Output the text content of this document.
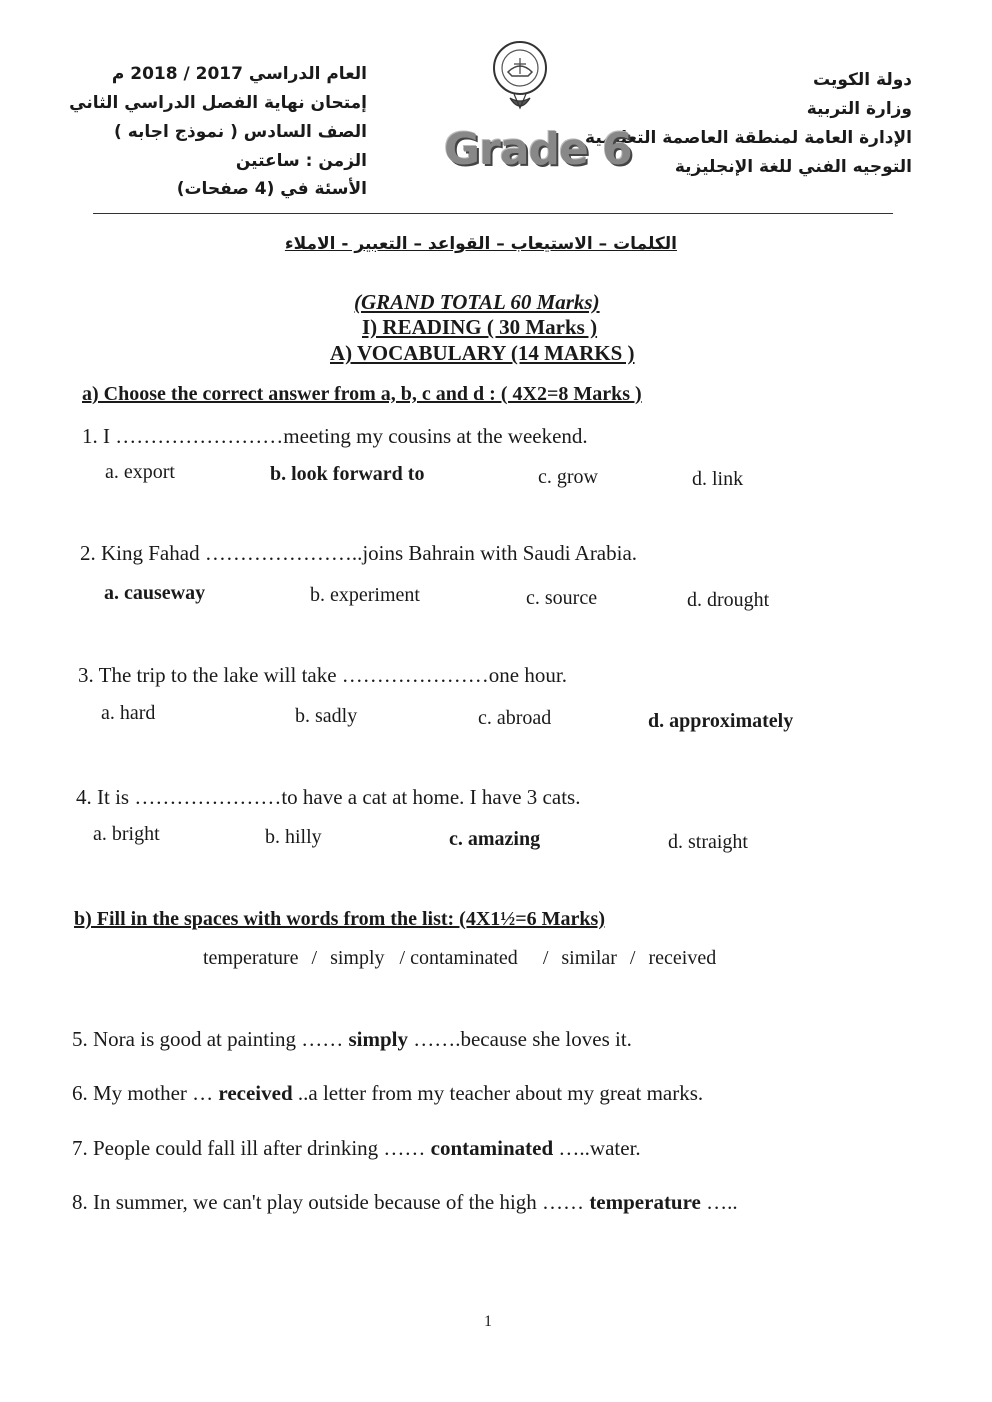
دولة الكويت
وزارة التربية
الإدارة العامة لمنطقة العاصمة التعليمية
التوجيه الفني للغة الإنجليزية
العام الدراسي 2017 / 2018 م
إمتحان نهاية الفصل الدراسي الثاني
الصف السادس ( نموذج اجابه )
الزمن : ساعتين
الأسئة في (4 صفحات)
Grade 6
الكلمات – الاستيعاب – القواعد – التعبير - الاملاء
(GRAND TOTAL 60 Marks)
I) READING ( 30 Marks )
A) VOCABULARY (14 MARKS )
a) Choose the correct answer from a, b, c and d : ( 4X2=8 Marks )
1. I ……………………meeting my cousins at the weekend.
a. export	b. look forward to	c. grow	d. link
2. King Fahad …………………..joins Bahrain with Saudi Arabia.
a. causeway	b. experiment	c. source	d. drought
3. The trip to the lake will take …………………one hour.
a. hard	b. sadly	c. abroad	d. approximately
4. It is …………………to have a cat at home. I have 3 cats.
a. bright	b. hilly	c. amazing	d. straight
b) Fill in the spaces with words from the list: (4X1½=6 Marks)
temperature / simply / contaminated / similar / received
5. Nora is good at painting …… simply …….because she loves it.
6. My mother … received ..a letter from my teacher about my great marks.
7. People could fall ill after drinking …… contaminated …..water.
8. In summer, we can't play outside because of the high …… temperature …..
1
